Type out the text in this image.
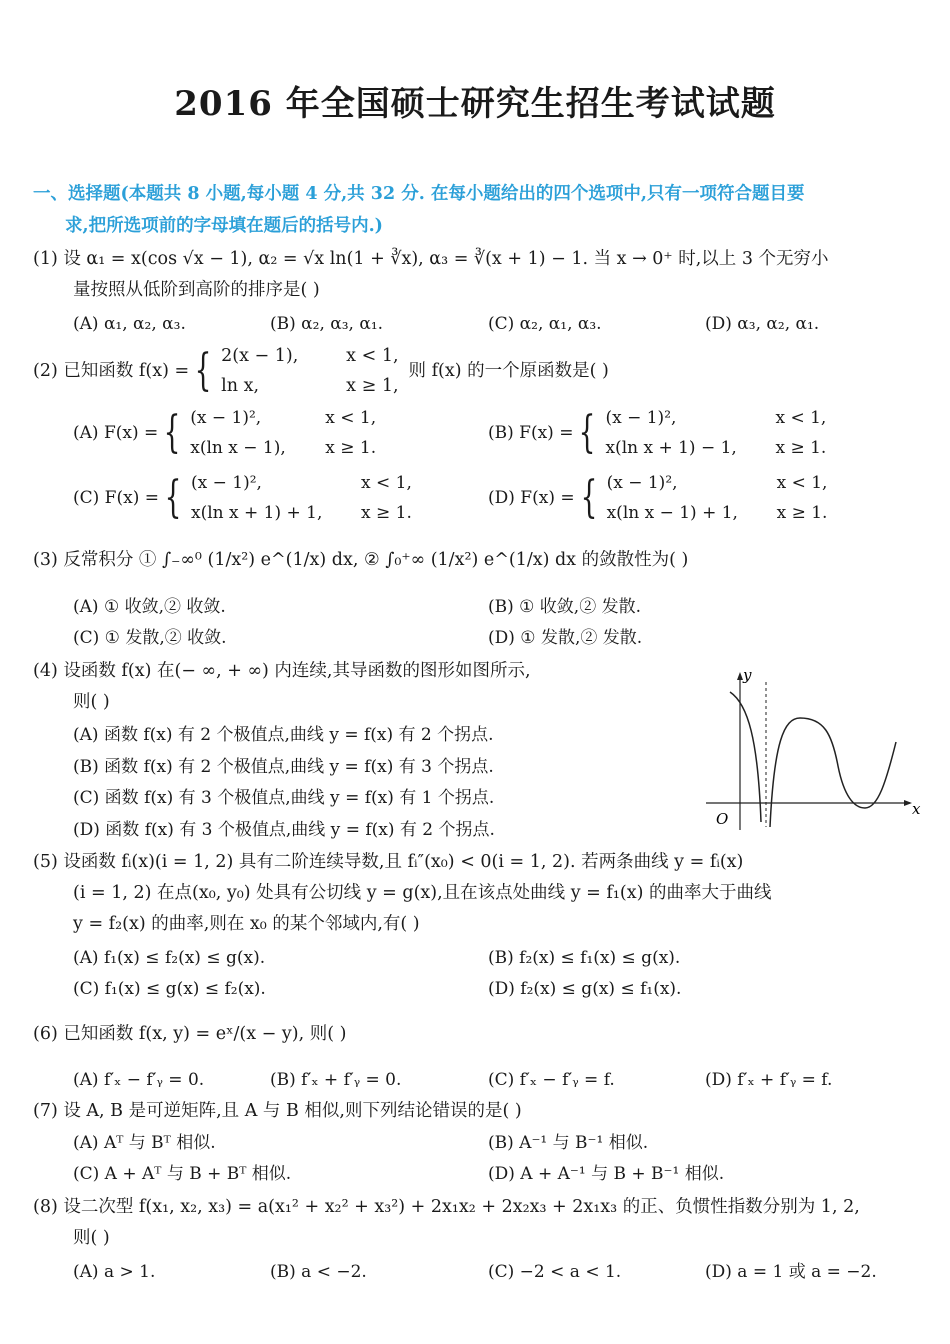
2016 年全国硕士研究生招生考试试题
一、选择题(本题共 8 小题,每小题 4 分,共 32 分. 在每小题给出的四个选项中,只有一项符合题目要
求,把所选项前的字母填在题后的括号内.)
(1) 设 α₁ = x(cos √x − 1), α₂ = √x ln(1 + ∛x), α₃ = ∛(x + 1) − 1. 当 x → 0⁺ 时,以上 3 个无穷小
量按照从低阶到高阶的排序是( )
(A) α₁, α₂, α₃.	(B) α₂, α₃, α₁.	(C) α₂, α₁, α₃.	(D) α₃, α₂, α₁.
(2) 已知函数 f(x) = { 2(x − 1),	x < 1,
ln x,	x ≥ 1,
则 f(x) 的一个原函数是( )
(A) F(x) = { (x − 1)²,	x < 1,
x(ln x − 1),	x ≥ 1.
(B) F(x) = { (x − 1)²,	x < 1,
x(ln x + 1) − 1,	x ≥ 1.
(C) F(x) = { (x − 1)²,	x < 1,
x(ln x + 1) + 1,	x ≥ 1.
(D) F(x) = { (x − 1)²,	x < 1,
x(ln x − 1) + 1,	x ≥ 1.
(3) 反常积分 ① ∫₋∞⁰ (1/x²) e^(1/x) dx, ② ∫₀⁺∞ (1/x²) e^(1/x) dx 的敛散性为( )
(A) ① 收敛,② 收敛.	(B) ① 收敛,② 发散.
(C) ① 发散,② 收敛.	(D) ① 发散,② 发散.
(4) 设函数 f(x) 在(− ∞, + ∞) 内连续,其导函数的图形如图所示,
则( )
(A) 函数 f(x) 有 2 个极值点,曲线 y = f(x) 有 2 个拐点.
(B) 函数 f(x) 有 2 个极值点,曲线 y = f(x) 有 3 个拐点.
(C) 函数 f(x) 有 3 个极值点,曲线 y = f(x) 有 1 个拐点.
(D) 函数 f(x) 有 3 个极值点,曲线 y = f(x) 有 2 个拐点.
x
y
O
(5) 设函数 fᵢ(x)(i = 1, 2) 具有二阶连续导数,且 fᵢ″(x₀) < 0(i = 1, 2). 若两条曲线 y = fᵢ(x)
(i = 1, 2) 在点(x₀, y₀) 处具有公切线 y = g(x),且在该点处曲线 y = f₁(x) 的曲率大于曲线
y = f₂(x) 的曲率,则在 x₀ 的某个邻域内,有( )
(A) f₁(x) ≤ f₂(x) ≤ g(x).	(B) f₂(x) ≤ f₁(x) ≤ g(x).
(C) f₁(x) ≤ g(x) ≤ f₂(x).	(D) f₂(x) ≤ g(x) ≤ f₁(x).
(6) 已知函数 f(x, y) = eˣ/(x − y), 则( )
(A) f′ₓ − f′ᵧ = 0.	(B) f′ₓ + f′ᵧ = 0.	(C) f′ₓ − f′ᵧ = f.	(D) f′ₓ + f′ᵧ = f.
(7) 设 A, B 是可逆矩阵,且 A 与 B 相似,则下列结论错误的是( )
(A) Aᵀ 与 Bᵀ 相似.	(B) A⁻¹ 与 B⁻¹ 相似.
(C) A + Aᵀ 与 B + Bᵀ 相似.	(D) A + A⁻¹ 与 B + B⁻¹ 相似.
(8) 设二次型 f(x₁, x₂, x₃) = a(x₁² + x₂² + x₃²) + 2x₁x₂ + 2x₂x₃ + 2x₁x₃ 的正、负惯性指数分别为 1, 2,
则( )
(A) a > 1.	(B) a < −2.	(C) −2 < a < 1.	(D) a = 1 或 a = −2.
